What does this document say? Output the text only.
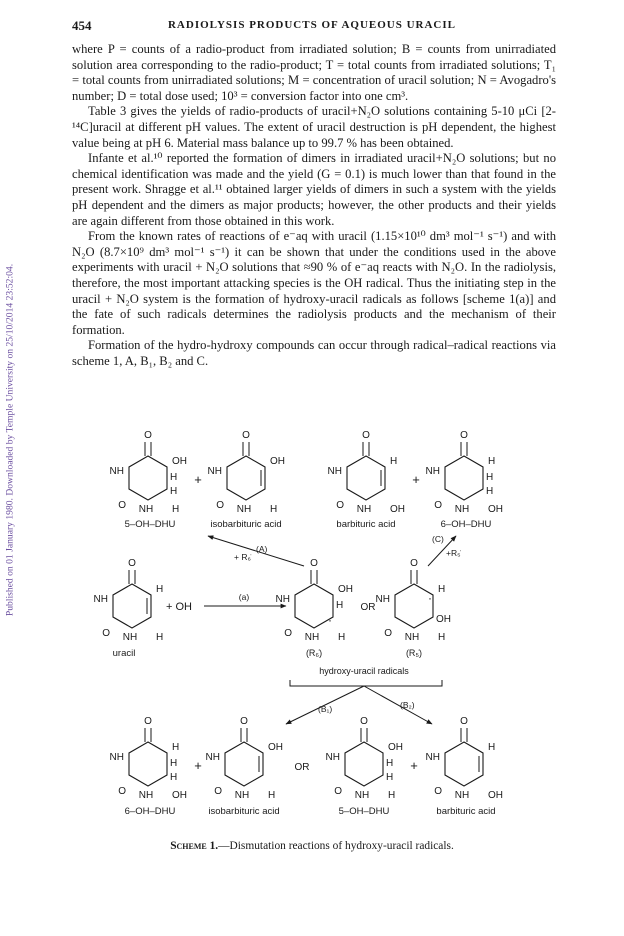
Published on 01 January 1980. Downloaded by Temple University on 25/10/2014 23:52:04.
454	RADIOLYSIS PRODUCTS OF AQUEOUS URACIL

where P = counts of a radio-product from irradiated solution; B = counts from unirradiated solution area corresponding to the radio-product; T = total counts from irradiated solutions; T₁ = total counts from unirradiated solutions; M = concentration of uracil solution; N = Avogadro's number; D = total dose used; 10³ = conversion factor into one cm³.

Table 3 gives the yields of radio-products of uracil+N₂O solutions containing 5-10 μCi [2-¹⁴C]uracil at different pH values. The extent of uracil destruction is pH dependent, the highest value being at pH 6. Material mass balance up to 99.7 % has been obtained.

Infante et al.¹⁰ reported the formation of dimers in irradiated uracil+N₂O solutions; but no chemical identification was made and the yield (G = 0.1) is much lower than that found in the present work. Shragge et al.¹¹ obtained larger yields of dimers in such a system with the yields pH dependent and the dimers as major products; however, the other products and their yields are again different from those obtained in this work.

From the known rates of reactions of e⁻aq with uracil (1.15×10¹⁰ dm³ mol⁻¹ s⁻¹) and with N₂O (8.7×10⁹ dm³ mol⁻¹ s⁻¹) it can be shown that under the conditions used in the above experiments with uracil + N₂O solutions that ≈90 % of e⁻aq reacts with N₂O. In the radiolysis, therefore, the most important attacking species is the OH radical. Thus the initiating step in the uracil + N₂O system is the formation of hydroxy-uracil radicals as follows [scheme 1(a)] and the fate of such radicals determines the radiolysis products and the mechanism of their formation.

Formation of the hydro-hydroxy compounds can occur through radical–radical reactions via scheme 1, A, B₁, B₂ and C.

O
NH
O NH
OH
H
H
H
+
O
NH
O NH
OH
H
O
NH
O NH
H
OH
+
O
NH
O NH
H
H
H
OH
5–OH–DHU	isobarbituric acid	barbituric acid	6–OH–DHU
(A)
+ R₆̇
(C)
+R₅̇
O
NH
O NH
H
H
+ OH
uracil
(a)
O
NH
O NH
OH
H
·
H
OR
O
NH
O NH
H
·
OH
H
(R₆̇)	(R₅̇)
hydroxy-uracil radicals
(B₁)	(B₂)
O
NH
O NH
H
H
H
OH
+
O
NH
O NH
OH
H
OR
O
NH
O NH
OH
H
H
H
+
O
NH
O NH
H
OH
6–OH–DHU	isobarbituric acid	5–OH–DHU	barbituric acid
Scheme 1.—Dismutation reactions of hydroxy-uracil radicals.
